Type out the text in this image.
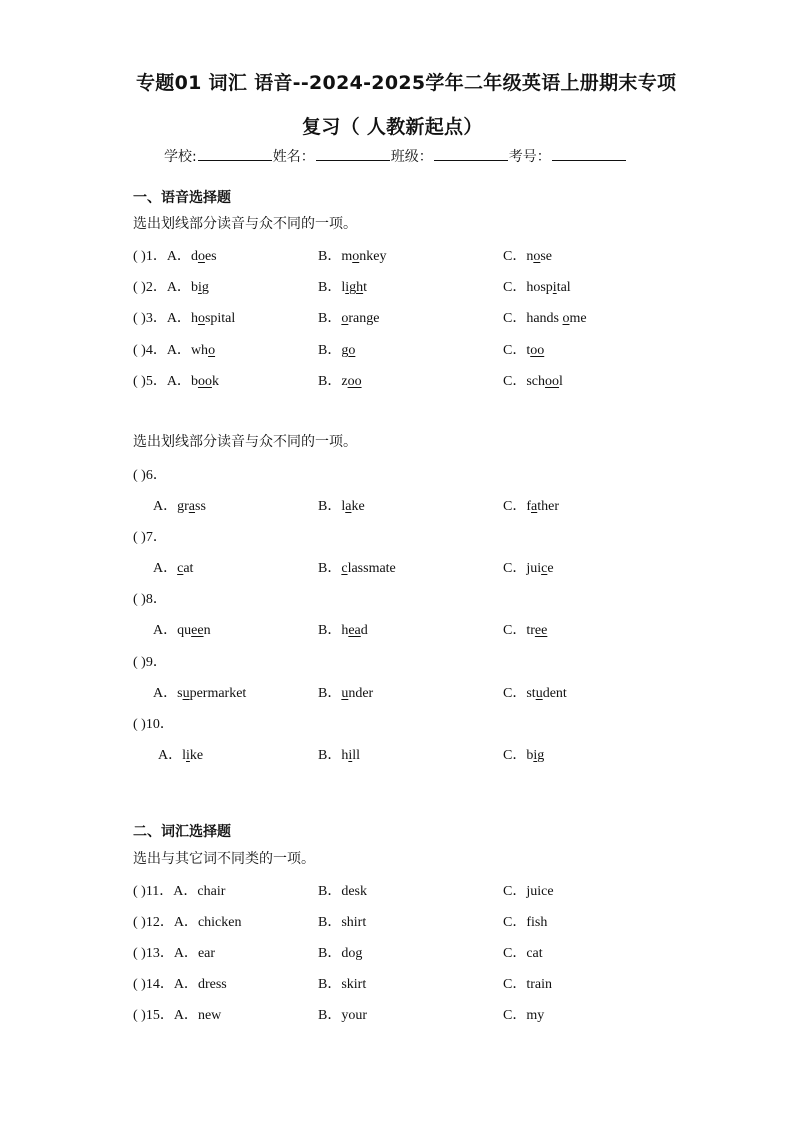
专题01 词汇 语音--2024-2025学年二年级英语上册期末专项
复习（ 人教新起点）
学校:	姓名：	班级：	考号：
一、语音选择题
选出划线部分读音与众不同的一项。
( )1．A．does	B．monkey	C．nose
( )2．A．big	B．light	C．hospital
( )3．A．hospital	B．orange	C．hands ome
( )4．A．who	B．go	C．too
( )5．A．book	B．zoo	C．school
选出划线部分读音与众不同的一项。
( )6．
A．grass	B．lake	C．father
( )7．
A．cat	B．classmate	C．juice
( )8．
A．queen	B．head	C．tree
( )9．
A．supermarket	B．under	C．student
( )10．
A．like	B．hill	C．big
二、词汇选择题
选出与其它词不同类的一项。
( )11．A．chair	B．desk	C．juice
( )12．A．chicken	B．shirt	C．fish
( )13．A．ear	B．dog	C．cat
( )14．A．dress	B．skirt	C．train
( )15．A．new	B．your	C．my
